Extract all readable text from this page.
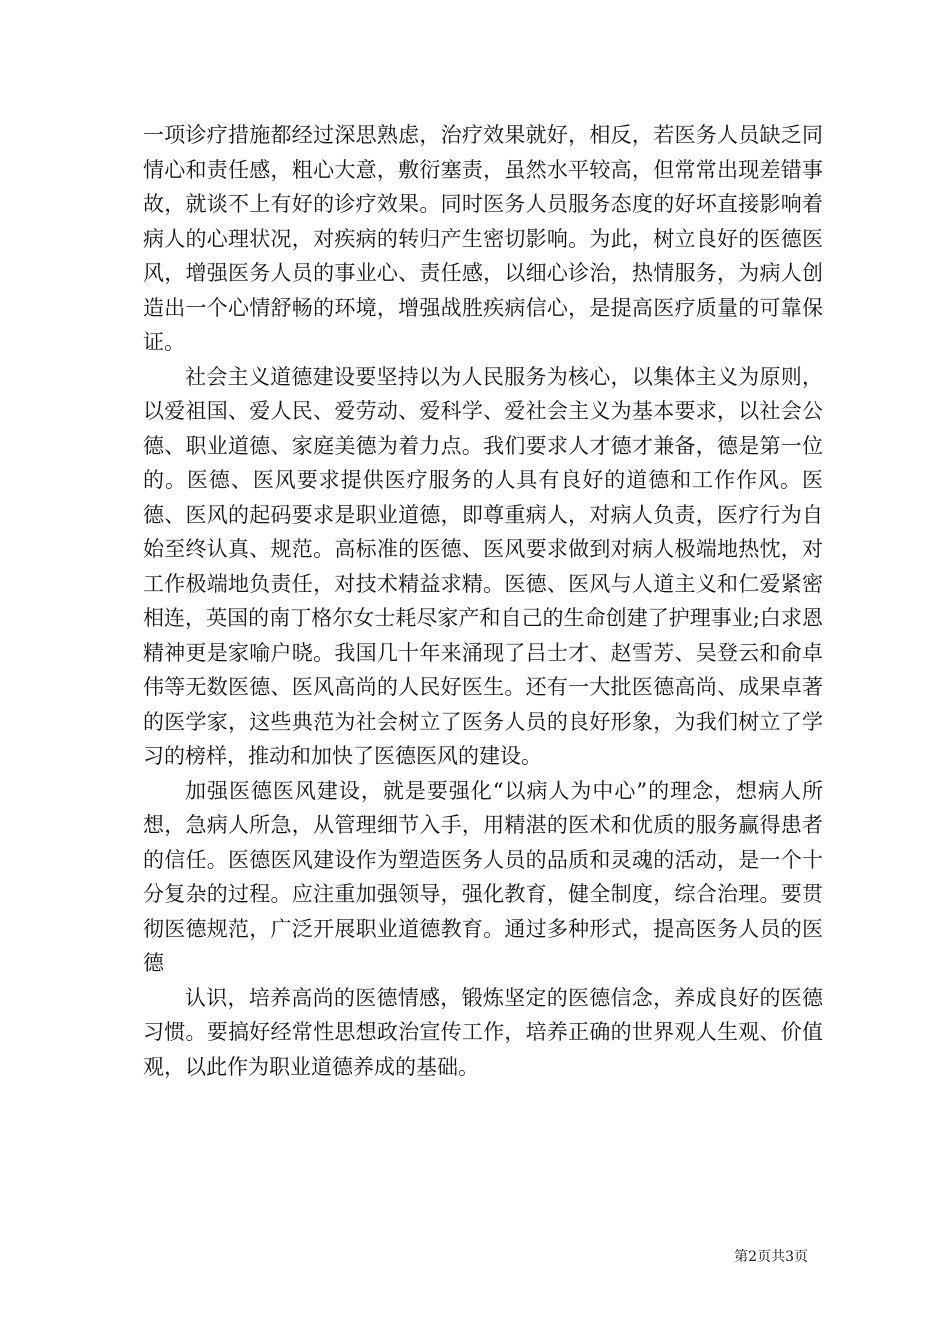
一项诊疗措施都经过深思熟虑，治疗效果就好，相反，若医务人员缺乏同情心和责任感，粗心大意，敷衍塞责，虽然水平较高，但常常出现差错事故，就谈不上有好的诊疗效果。同时医务人员服务态度的好坏直接影响着病人的心理状况，对疾病的转归产生密切影响。为此，树立良好的医德医风，增强医务人员的事业心、责任感，以细心诊治，热情服务，为病人创造出一个心情舒畅的环境，增强战胜疾病信心，是提高医疗质量的可靠保证。

社会主义道德建设要坚持以为人民服务为核心，以集体主义为原则，以爱祖国、爱人民、爱劳动、爱科学、爱社会主义为基本要求，以社会公德、职业道德、家庭美德为着力点。我们要求人才德才兼备，德是第一位的。医德、医风要求提供医疗服务的人具有良好的道德和工作作风。医德、医风的起码要求是职业道德，即尊重病人，对病人负责，医疗行为自始至终认真、规范。高标准的医德、医风要求做到对病人极端地热忱，对工作极端地负责任，对技术精益求精。医德、医风与人道主义和仁爱紧密相连，英国的南丁格尔女士耗尽家产和自己的生命创建了护理事业;白求恩精神更是家喻户晓。我国几十年来涌现了吕士才、赵雪芳、吴登云和俞卓伟等无数医德、医风高尚的人民好医生。还有一大批医德高尚、成果卓著的医学家，这些典范为社会树立了医务人员的良好形象，为我们树立了学习的榜样，推动和加快了医德医风的建设。

加强医德医风建设，就是要强化“以病人为中心”的理念，想病人所想，急病人所急，从管理细节入手，用精湛的医术和优质的服务赢得患者的信任。医德医风建设作为塑造医务人员的品质和灵魂的活动，是一个十分复杂的过程。应注重加强领导，强化教育，健全制度，综合治理。要贯彻医德规范，广泛开展职业道德教育。通过多种形式，提高医务人员的医德

认识，培养高尚的医德情感，锻炼坚定的医德信念，养成良好的医德习惯。要搞好经常性思想政治宣传工作，培养正确的世界观人生观、价值观，以此作为职业道德养成的基础。

第2页共3页
